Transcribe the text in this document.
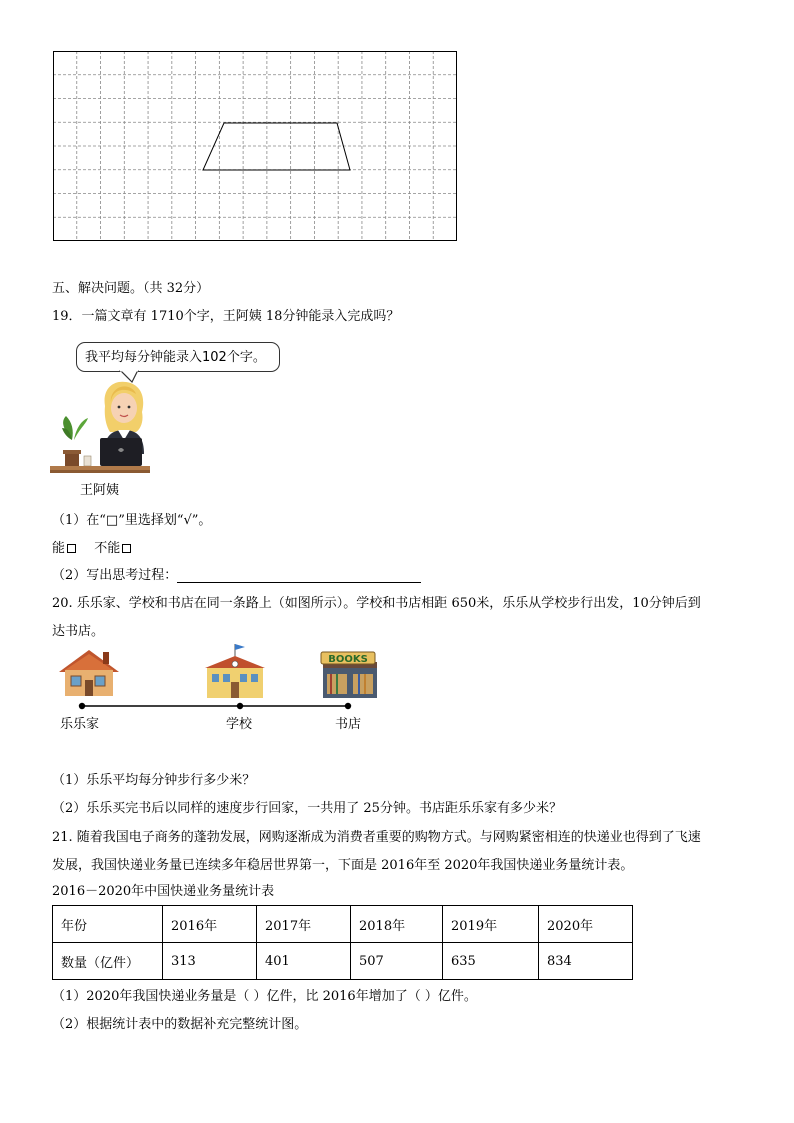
五、解决问题。（共 32分）
19．一篇文章有 1710个字，王阿姨 18分钟能录入完成吗？
我平均每分钟能录入102个字。
王阿姨
（1）在“□”里选择划“√”。
能 不能
（2）写出思考过程：
20. 乐乐家、学校和书店在同一条路上（如图所示）。学校和书店相距 650米，乐乐从学校步行出发，10分钟后到
达书店。
BOOKS
乐乐家	学校	书店
（1）乐乐平均每分钟步行多少米？
（2）乐乐买完书后以同样的速度步行回家，一共用了 25分钟。书店距乐乐家有多少米？
21. 随着我国电子商务的蓬勃发展，网购逐渐成为消费者重要的购物方式。与网购紧密相连的快递业也得到了飞速
发展，我国快递业务量已连续多年稳居世界第一，下面是 2016年至 2020年我国快递业务量统计表。
2016－2020年中国快递业务量统计表
年份	2016年	2017年	2018年	2019年	2020年
数量（亿件）	313	401	507	635	834
（1）2020年我国快递业务量是（ ）亿件，比 2016年增加了（ ）亿件。
（2）根据统计表中的数据补充完整统计图。
